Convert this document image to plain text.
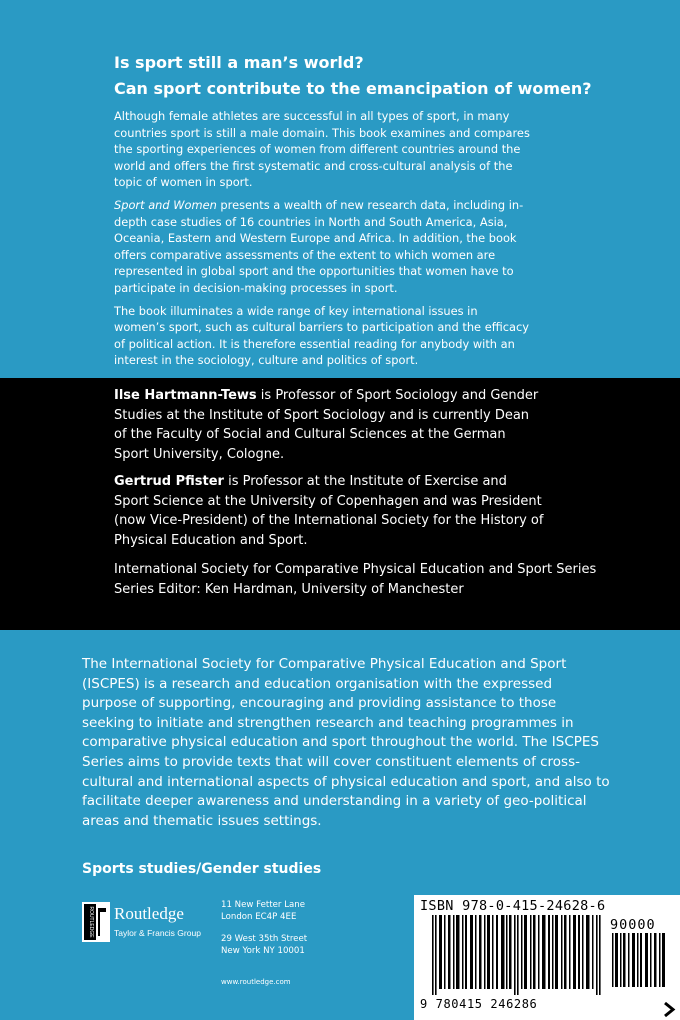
Is sport still a man’s world?
Can sport contribute to the emancipation of women?

Although female athletes are successful in all types of sport, in many countries sport is still a male domain. This book examines and compares the sporting experiences of women from different countries around the world and offers the first systematic and cross-cultural analysis of the topic of women in sport.

Sport and Women presents a wealth of new research data, including in-depth case studies of 16 countries in North and South America, Asia, Oceania, Eastern and Western Europe and Africa. In addition, the book offers comparative assessments of the extent to which women are represented in global sport and the opportunities that women have to participate in decision-making processes in sport.

The book illuminates a wide range of key international issues in women’s sport, such as cultural barriers to participation and the efficacy of political action. It is therefore essential reading for anybody with an interest in the sociology, culture and politics of sport.

Ilse Hartmann-Tews is Professor of Sport Sociology and Gender Studies at the Institute of Sport Sociology and is currently Dean of the Faculty of Social and Cultural Sciences at the German Sport University, Cologne.

Gertrud Pfister is Professor at the Institute of Exercise and Sport Science at the University of Copenhagen and was President (now Vice-President) of the International Society for the History of Physical Education and Sport.

International Society for Comparative Physical Education and Sport Series
Series Editor: Ken Hardman, University of Manchester
The International Society for Comparative Physical Education and Sport (ISCPES) is a research and education organisation with the expressed purpose of supporting, encouraging and providing assistance to those seeking to initiate and strengthen research and teaching programmes in comparative physical education and sport throughout the world. The ISCPES Series aims to provide texts that will cover constituent elements of cross-cultural and international aspects of physical education and sport, and also to facilitate deeper awareness and understanding in a variety of geo-political areas and thematic issues settings.
Sports studies/Gender studies
ROUTLEDGE Routledge
Taylor & Francis Group
11 New Fetter Lane
London EC4P 4EE
29 West 35th Street
New York NY 10001
www.routledge.com
ISBN 978-0-415-24628-6
90000
9 780415 246286
